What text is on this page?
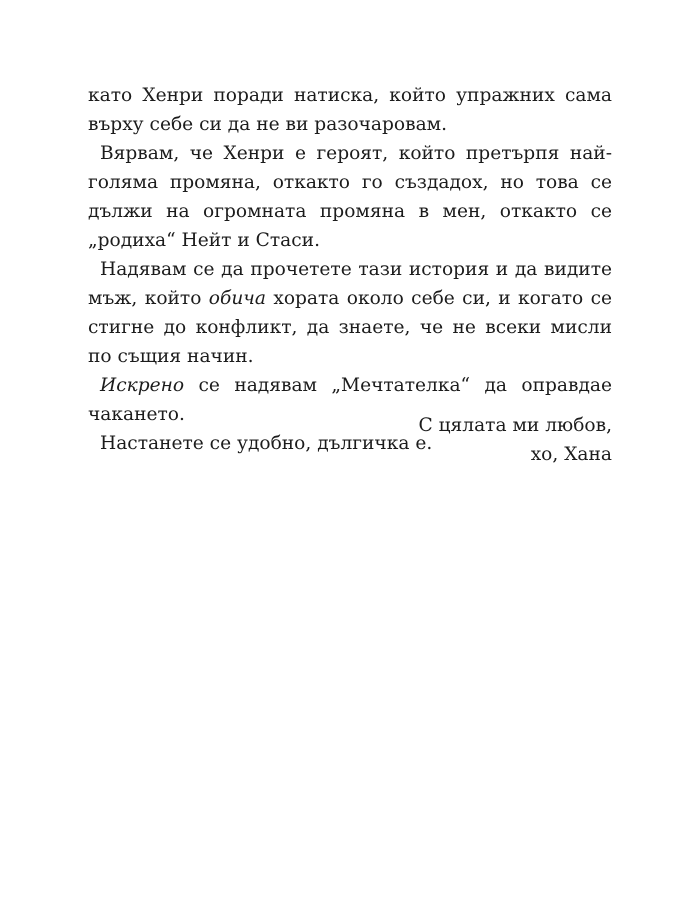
като Хенри поради натиска, който упражних сама върху себе си да не ви разочаровам.

Вярвам, че Хенри е героят, който претърпя най-голяма промяна, откакто го създадох, но това се дължи на огромната промяна в мен, откакто се „родиха“ Нейт и Стаси.

Надявам се да прочетете тази история и да видите мъж, който обича хората около себе си, и когато се стигне до конфликт, да знаете, че не всеки мисли по същия начин.

Искрено се надявам „Мечтателка“ да оправдае чакането.

Настанете се удобно, дългичка е.

С цялата ми любов,
хо, Хана
